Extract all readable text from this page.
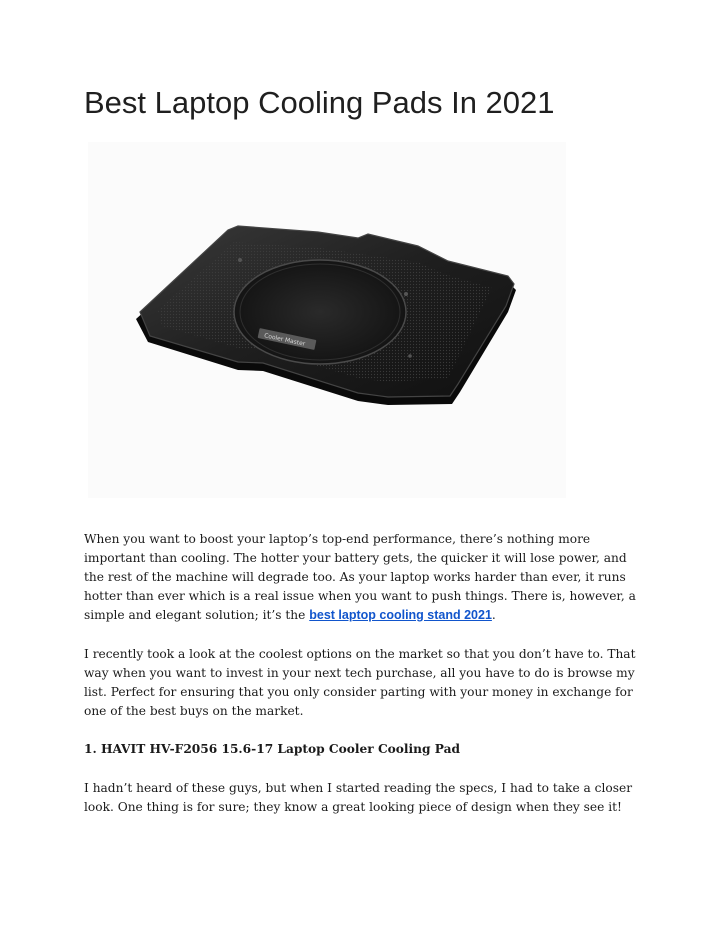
Best Laptop Cooling Pads In 2021
Cooler Master

When you want to boost your laptop’s top-end performance, there’s nothing more important than cooling. The hotter your battery gets, the quicker it will lose power, and the rest of the machine will degrade too. As your laptop works harder than ever, it runs hotter than ever which is a real issue when you want to push things. There is, however, a simple and elegant solution; it’s the best laptop cooling stand 2021.

I recently took a look at the coolest options on the market so that you don’t have to. That way when you want to invest in your next tech purchase, all you have to do is browse my list. Perfect for ensuring that you only consider parting with your money in exchange for one of the best buys on the market.

1. HAVIT HV-F2056 15.6-17 Laptop Cooler Cooling Pad

I hadn’t heard of these guys, but when I started reading the specs, I had to take a closer look. One thing is for sure; they know a great looking piece of design when they see it!
